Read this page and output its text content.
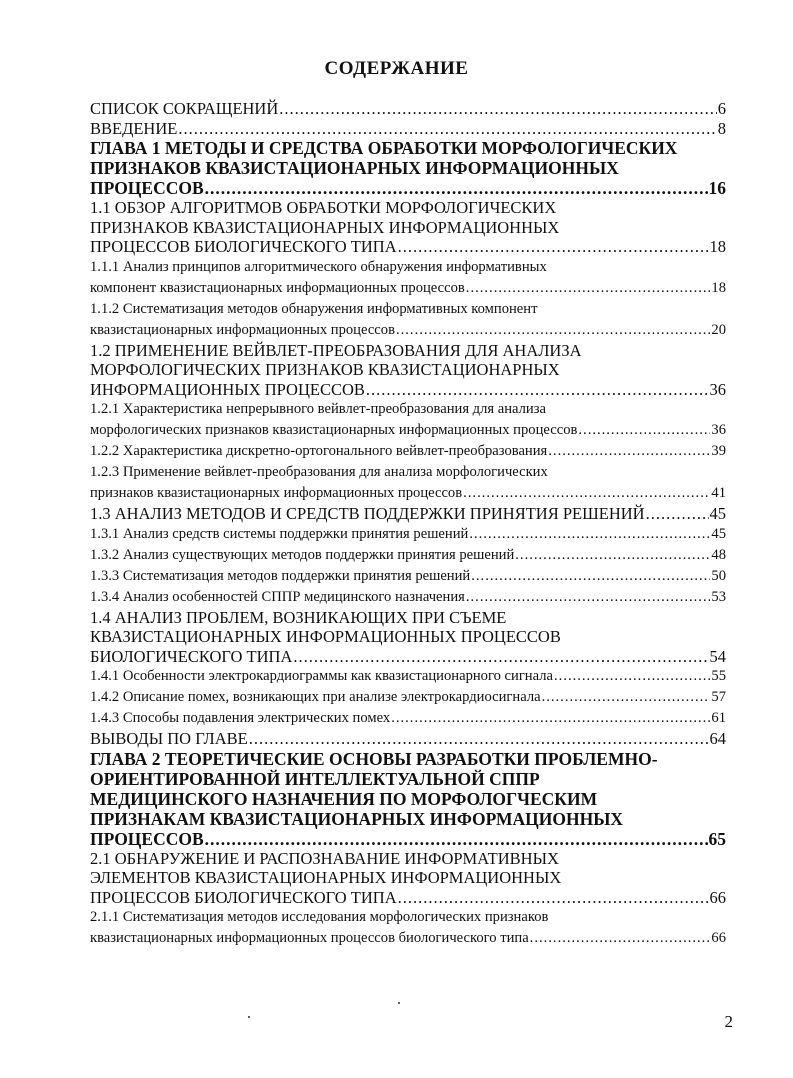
СОДЕРЖАНИЕ
СПИСОК СОКРАЩЕНИЙ .....	6
ВВЕДЕНИЕ .....	8
ГЛАВА 1 МЕТОДЫ И СРЕДСТВА ОБРАБОТКИ МОРФОЛОГИЧЕСКИХ
ПРИЗНАКОВ КВАЗИСТАЦИОНАРНЫХ ИНФОРМАЦИОННЫХ
ПРОЦЕССОВ .....	16
1.1 ОБЗОР АЛГОРИТМОВ ОБРАБОТКИ МОРФОЛОГИЧЕСКИХ
ПРИЗНАКОВ КВАЗИСТАЦИОНАРНЫХ ИНФОРМАЦИОННЫХ
ПРОЦЕССОВ БИОЛОГИЧЕСКОГО ТИПА .....	18
1.1.1 Анализ принципов алгоритмического обнаружения информативных
компонент квазистационарных информационных процессов .....	18
1.1.2 Систематизация методов обнаружения информативных компонент
квазистационарных информационных процессов .....	20
1.2 ПРИМЕНЕНИЕ ВЕЙВЛЕТ-ПРЕОБРАЗОВАНИЯ ДЛЯ АНАЛИЗА
МОРФОЛОГИЧЕСКИХ ПРИЗНАКОВ КВАЗИСТАЦИОНАРНЫХ
ИНФОРМАЦИОННЫХ ПРОЦЕССОВ .....	36
1.2.1 Характеристика непрерывного вейвлет-преобразования для анализа
морфологических признаков квазистационарных информационных процессов .....	36
1.2.2 Характеристика дискретно-ортогонального вейвлет-преобразования .....	39
1.2.3 Применение вейвлет-преобразования для анализа морфологических
признаков квазистационарных информационных процессов .....	41
1.3 АНАЛИЗ МЕТОДОВ И СРЕДСТВ ПОДДЕРЖКИ ПРИНЯТИЯ РЕШЕНИЙ .....	45
1.3.1 Анализ средств системы поддержки принятия решений .....	45
1.3.2 Анализ существующих методов поддержки принятия решений .....	48
1.3.3 Систематизация методов поддержки принятия решений .....	50
1.3.4 Анализ особенностей СППР медицинского назначения .....	53
1.4 АНАЛИЗ ПРОБЛЕМ, ВОЗНИКАЮЩИХ ПРИ СЪЕМЕ
КВАЗИСТАЦИОНАРНЫХ ИНФОРМАЦИОННЫХ ПРОЦЕССОВ
БИОЛОГИЧЕСКОГО ТИПА .....	54
1.4.1 Особенности электрокардиограммы как квазистационарного сигнала .....	55
1.4.2 Описание помех, возникающих при анализе электрокардиосигнала .....	57
1.4.3 Способы подавления электрических помех .....	61
ВЫВОДЫ ПО ГЛАВЕ .....	64
ГЛАВА 2 ТЕОРЕТИЧЕСКИЕ ОСНОВЫ РАЗРАБОТКИ ПРОБЛЕМНО-
ОРИЕНТИРОВАННОЙ ИНТЕЛЛЕКТУАЛЬНОЙ СППР
МЕДИЦИНСКОГО НАЗНАЧЕНИЯ ПО МОРФОЛОГЧЕСКИМ
ПРИЗНАКАМ КВАЗИСТАЦИОНАРНЫХ ИНФОРМАЦИОННЫХ
ПРОЦЕССОВ .....	65
2.1 ОБНАРУЖЕНИЕ И РАСПОЗНАВАНИЕ ИНФОРМАТИВНЫХ
ЭЛЕМЕНТОВ КВАЗИСТАЦИОНАРНЫХ ИНФОРМАЦИОННЫХ
ПРОЦЕССОВ БИОЛОГИЧЕСКОГО ТИПА .....	66
2.1.1 Систематизация методов исследования морфологических признаков
квазистационарных информационных процессов биологического типа .....	66
2
